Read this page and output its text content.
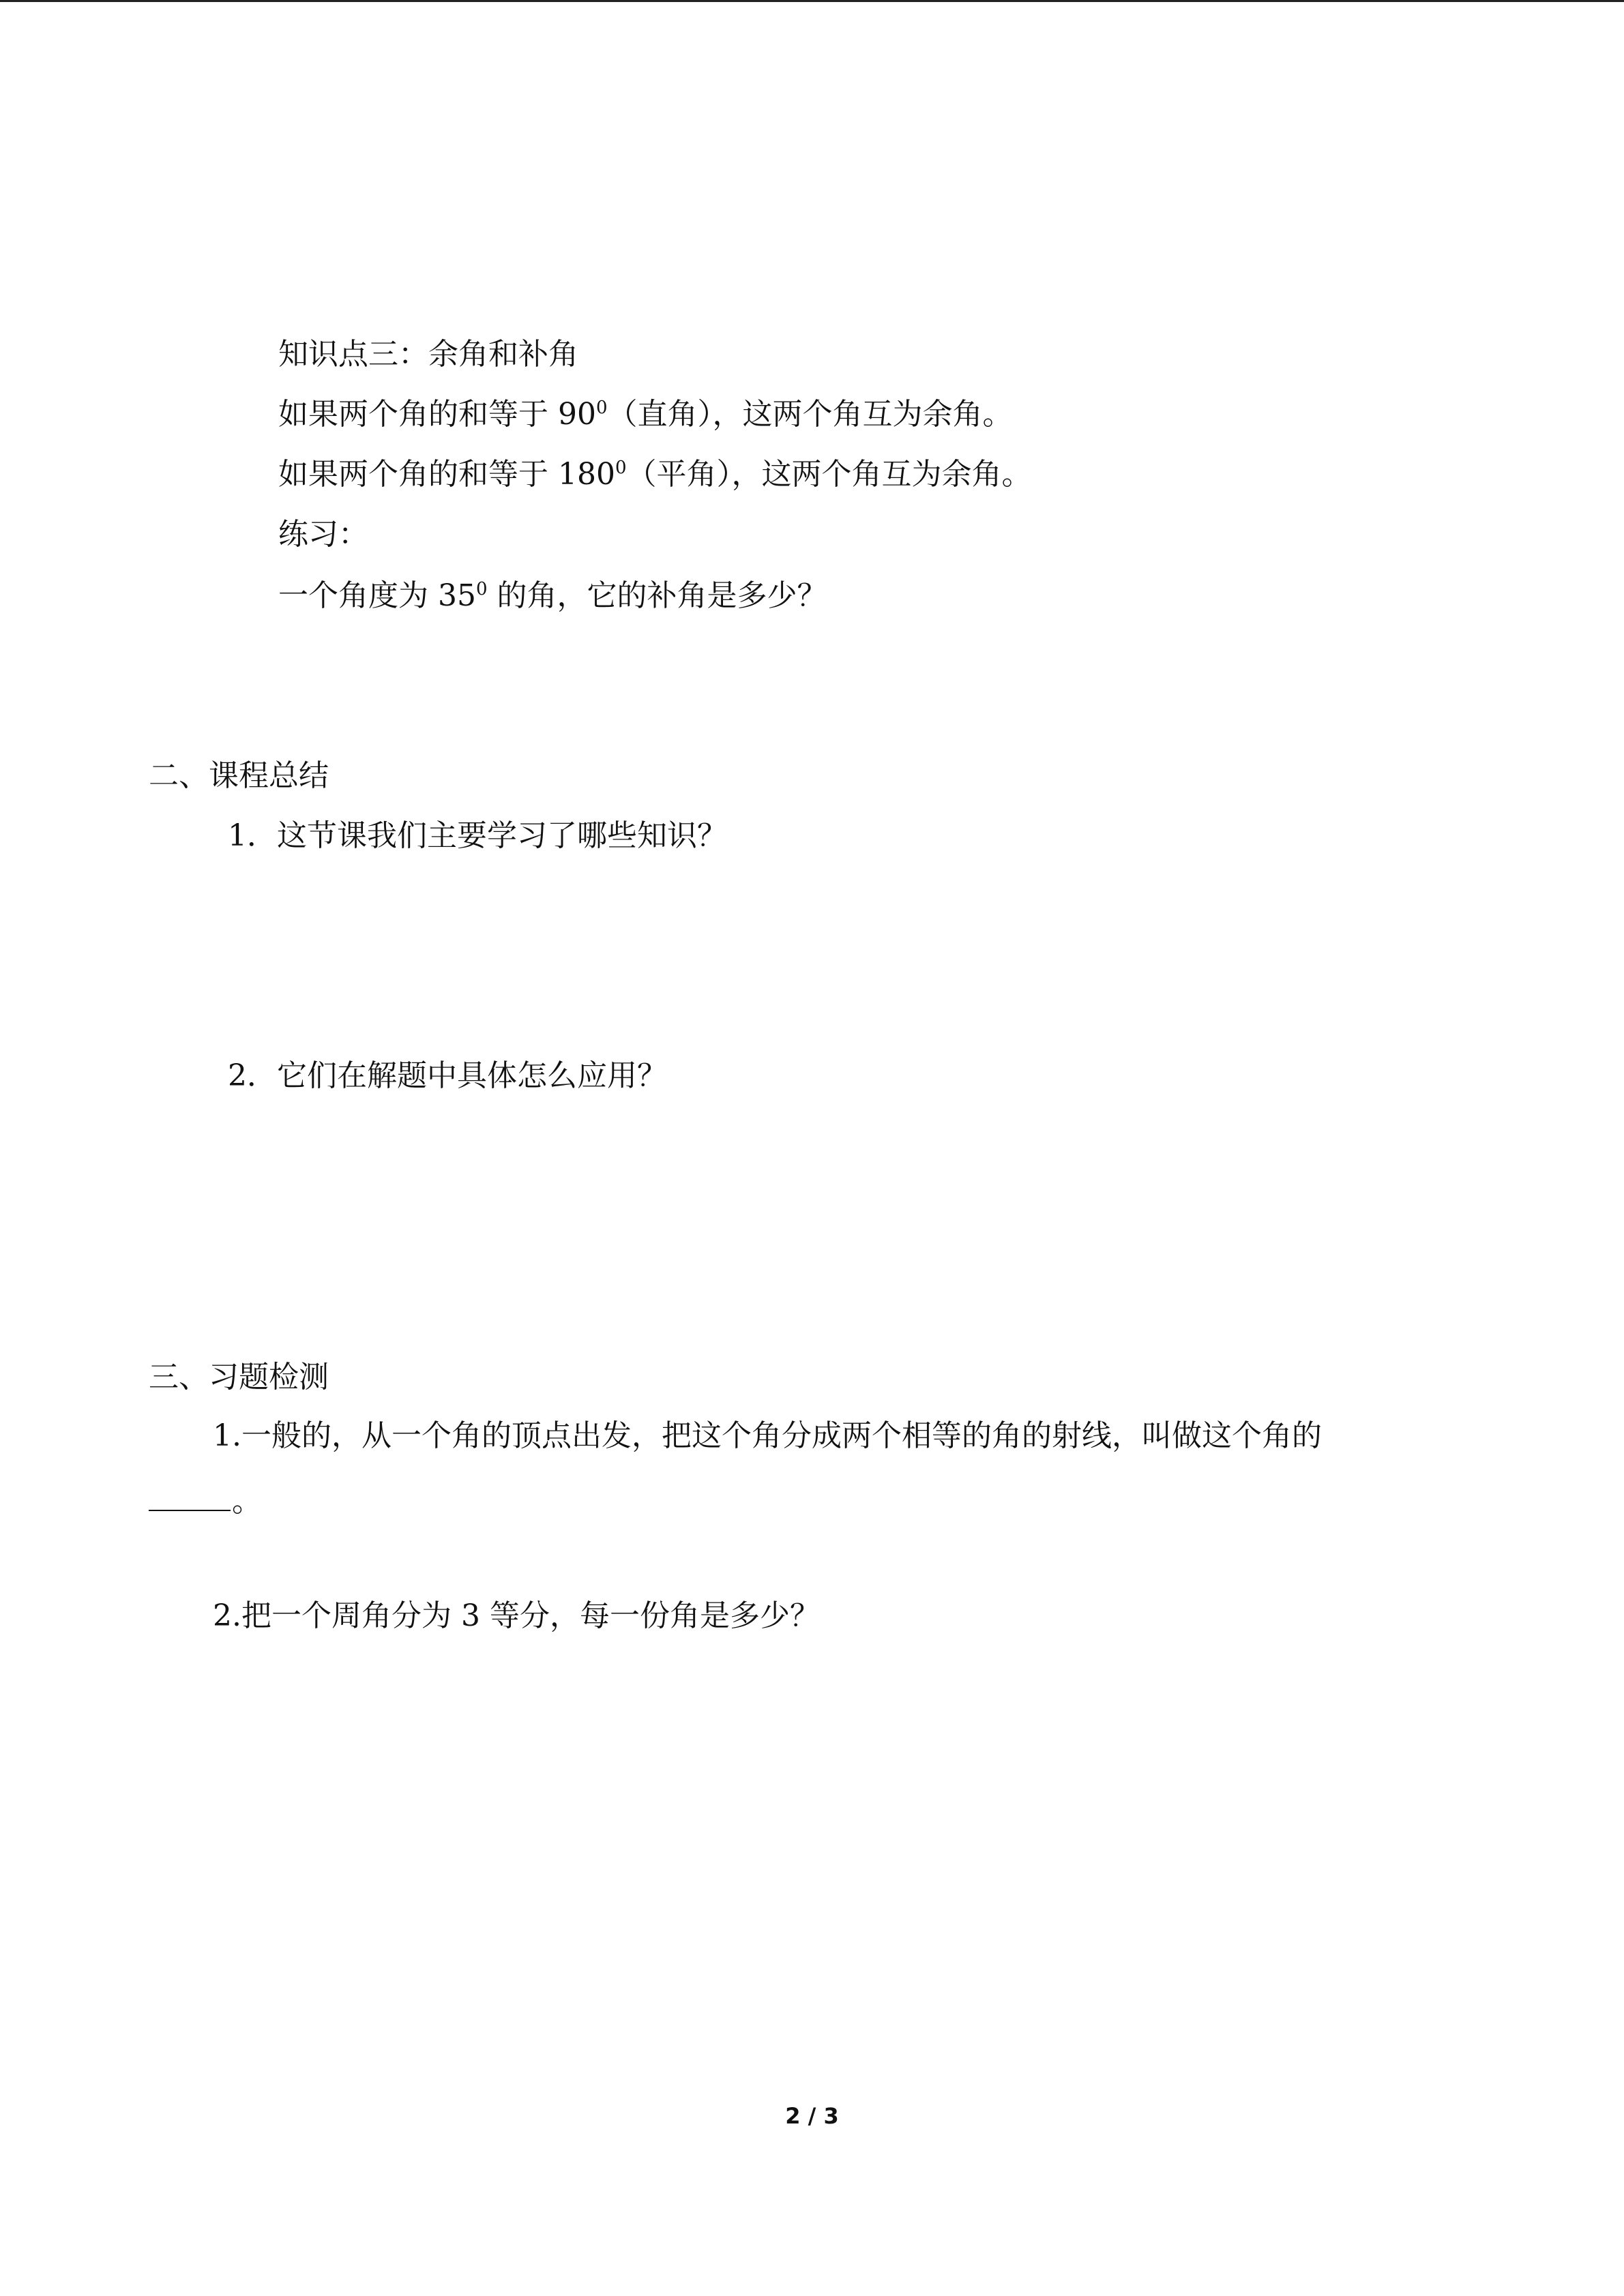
知识点三：余角和补角
如果两个角的和等于 $90^0$（直角），这两个角互为余角。
如果两个角的和等于 $180^0$（平角），这两个角互为余角。
练习：
一个角度为 $35^0$ 的角，它的补角是多少？
二、课程总结
1．这节课我们主要学习了哪些知识？
2．它们在解题中具体怎么应用？
三、习题检测
1.一般的，从一个角的顶点出发，把这个角分成两个相等的角的射线，叫做这个角的
。
2.把一个周角分为 3 等分，每一份角是多少？
2 / 3
